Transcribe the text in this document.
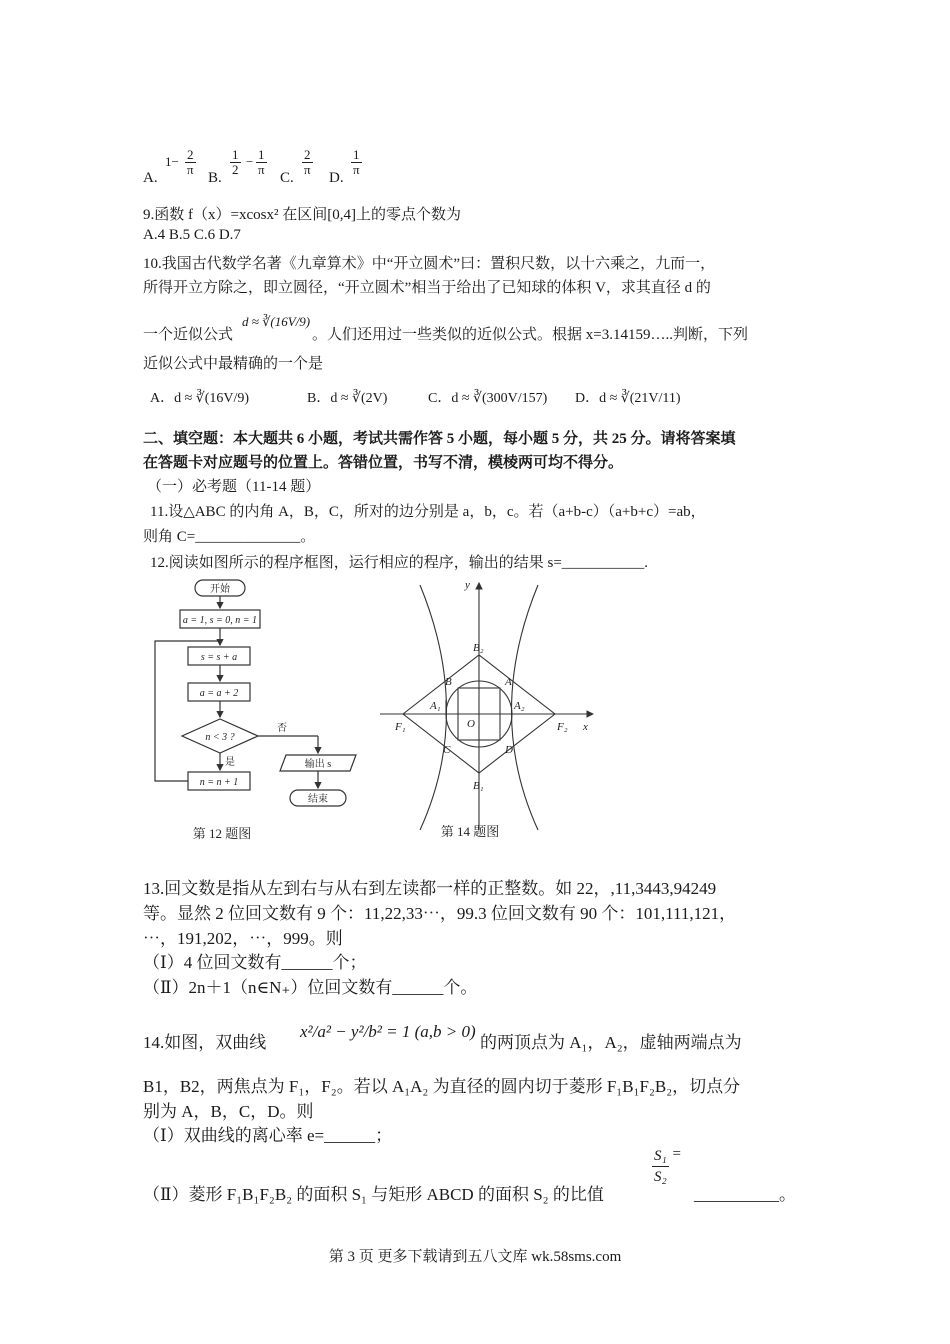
A.
$1- \frac{2}{\pi}$
B.
$\frac{1}{2} - \frac{1}{\pi}$
C.
$\frac{2}{\pi}$
D.
$\frac{1}{\pi}$
9.函数 f（x）=xcosx² 在区间[0,4]上的零点个数为
A.4 B.5 C.6 D.7
10.我国古代数学名著《九章算术》中“开立圆术”曰：置积尺数，以十六乘之，九而一，
所得开立方除之，即立圆径，“开立圆术”相当于给出了已知球的体积 V，求其直径 d 的
一个近似公式
d ≈ ∛(16V/9)
。人们还用过一些类似的近似公式。根据 x=3.14159…..判断，下列
近似公式中最精确的一个是
A．d ≈ ∛(16V/9)	B．d ≈ ∛(2V)	C．d ≈ ∛(300V/157) D．d ≈ ∛(21V/11)
二、填空题：本大题共 6 小题，考试共需作答 5 小题，每小题 5 分，共 25 分。请将答案填
在答题卡对应题号的位置上。答错位置，书写不清，模棱两可均不得分。
（一）必考题（11-14 题）
11.设△ABC 的内角 A，B，C，所对的边分别是 a，b，c。若（a+b-c）（a+b+c）=ab，
则角 C=______________。
12.阅读如图所示的程序框图，运行相应的程序，输出的结果 s=___________.
开始
a = 1, s = 0, n = 1
s = s + a
a = a + 2
n < 3 ?
否
是
n = n + 1
输出 s
结束
第 12 题图
y
x
O
B₂
B₁
A
B
C	D
A₁	A₂
F₁	F₂
第 14 题图
13.回文数是指从左到右与从右到左读都一样的正整数。如 22，,11,3443,94249
等。显然 2 位回文数有 9 个：11,22,33⋯，99.3 位回文数有 90 个：101,111,121，
⋯，191,202，⋯，999。则
（Ⅰ）4 位回文数有______个；
（Ⅱ）2n＋1（n∈N₊）位回文数有______个。
14.如图，双曲线
x²/a² − y²/b² = 1 (a,b > 0)
的两顶点为 A₁，A₂，虚轴两端点为
B1，B2，两焦点为 F₁，F₂。若以 A₁A₂ 为直径的圆内切于菱形 F₁B₁F₂B₂，切点分
别为 A，B，C，D。则
（Ⅰ）双曲线的离心率 e=______；
（Ⅱ）菱形 F₁B₁F₂B₂ 的面积 S₁ 与矩形 ABCD 的面积 S₂ 的比值
$\frac{\text{S₁}}{\text{S₂}}$ =
__________。
第 3 页 更多下载请到五八文库 wk.58sms.com
